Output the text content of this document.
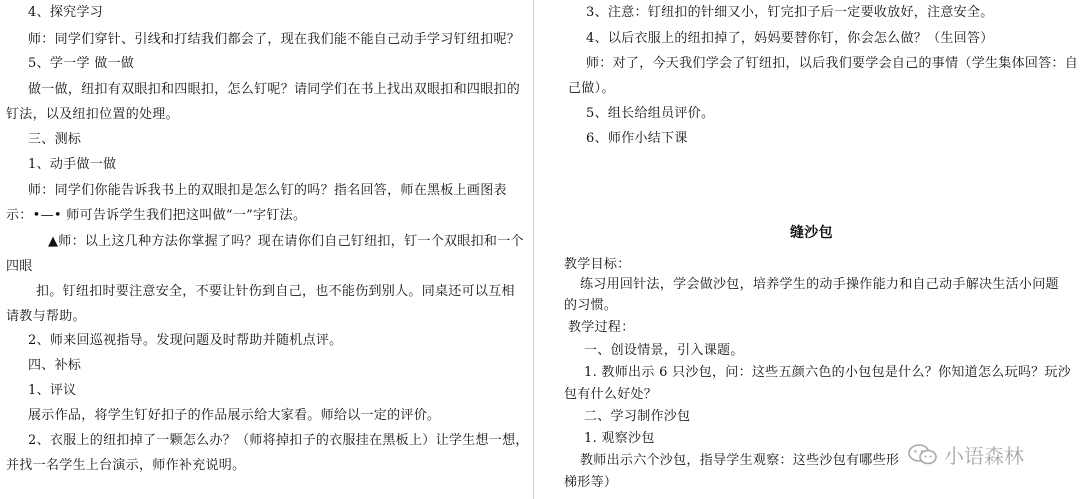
4、探究学习
师：同学们穿针、引线和打结我们都会了，现在我们能不能自己动手学习钉纽扣呢？
5、学一学 做一做
做一做，纽扣有双眼扣和四眼扣，怎么钉呢？请同学们在书上找出双眼扣和四眼扣的
钉法，以及纽扣位置的处理。
三、测标
1、动手做一做
师：同学们你能告诉我书上的双眼扣是怎么钉的吗？指名回答，师在黑板上画图表
示：•—• 师可告诉学生我们把这叫做“一”字钉法。
▲师：以上这几种方法你掌握了吗？现在请你们自己钉纽扣，钉一个双眼扣和一个
四眼
扣。钉纽扣时要注意安全，不要让针伤到自己，也不能伤到别人。同桌还可以互相
请教与帮助。
2、师来回巡视指导。发现问题及时帮助并随机点评。
四、补标
1、评议
展示作品，将学生钉好扣子的作品展示给大家看。师给以一定的评价。
2、衣服上的纽扣掉了一颗怎么办？（师将掉扣子的衣服挂在黑板上）让学生想一想，
并找一名学生上台演示，师作补充说明。
3、注意：钉纽扣的针细又小，钉完扣子后一定要收放好，注意安全。
4、以后衣服上的纽扣掉了，妈妈要替你钉，你会怎么做？（生回答）
师：对了，今天我们学会了钉纽扣，以后我们要学会自己的事情（学生集体回答：自
己做）。
5、组长给组员评价。
6、师作小结下课
缝沙包
教学目标：
练习用回针法，学会做沙包，培养学生的动手操作能力和自己动手解决生活小问题
的习惯。
教学过程：
一、创设情景，引入课题。
1. 教师出示 6 只沙包，问：这些五颜六色的小包包是什么？你知道怎么玩吗？玩沙
包有什么好处？
二、学习制作沙包
1. 观察沙包
教师出示六个沙包，指导学生观察：这些沙包有哪些形
梯形等）
小语森林
